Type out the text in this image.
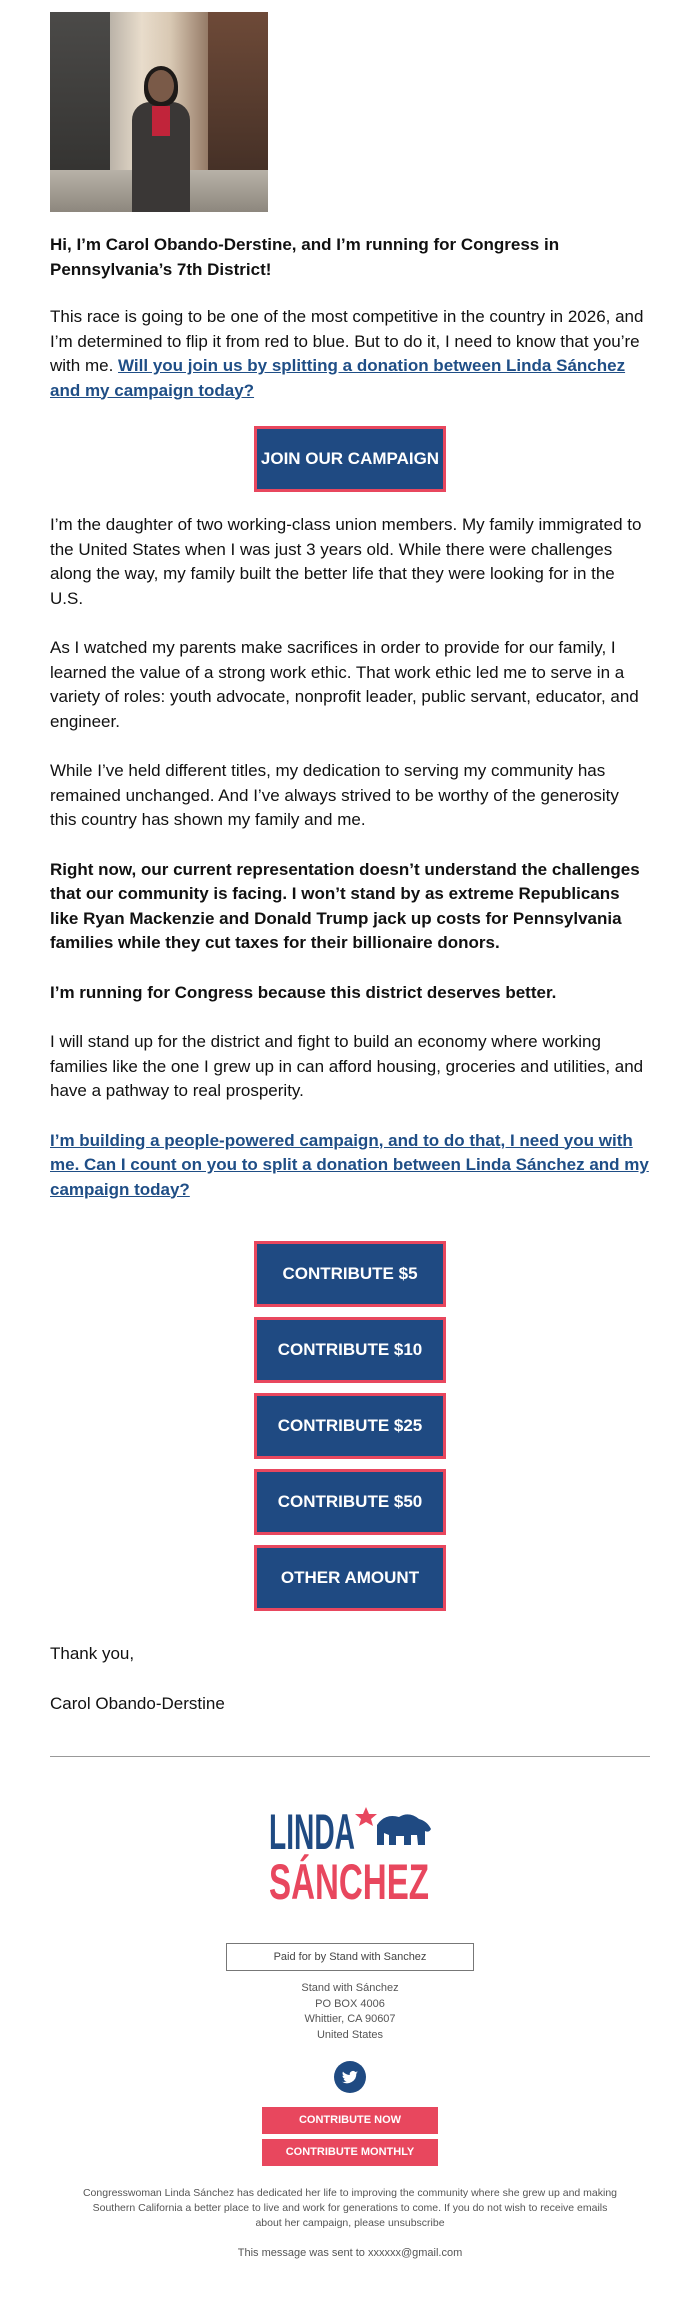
Hi, I’m Carol Obando-Derstine, and I’m running for Congress in Pennsylvania’s 7th District!

This race is going to be one of the most competitive in the country in 2026, and I’m determined to flip it from red to blue. But to do it, I need to know that you’re with me. Will you join us by splitting a donation between Linda Sánchez and my campaign today?

JOIN OUR CAMPAIGN

I’m the daughter of two working-class union members. My family immigrated to the United States when I was just 3 years old. While there were challenges along the way, my family built the better life that they were looking for in the U.S.

As I watched my parents make sacrifices in order to provide for our family, I learned the value of a strong work ethic. That work ethic led me to serve in a variety of roles: youth advocate, nonprofit leader, public servant, educator, and engineer.

While I’ve held different titles, my dedication to serving my community has remained unchanged. And I’ve always strived to be worthy of the generosity this country has shown my family and me.

Right now, our current representation doesn’t understand the challenges that our community is facing. I won’t stand by as extreme Republicans like Ryan Mackenzie and Donald Trump jack up costs for Pennsylvania families while they cut taxes for their billionaire donors.

I’m running for Congress because this district deserves better.

I will stand up for the district and fight to build an economy where working families like the one I grew up in can afford housing, groceries and utilities, and have a pathway to real prosperity.

I’m building a people-powered campaign, and to do that, I need you with me. Can I count on you to split a donation between Linda Sánchez and my campaign today?

CONTRIBUTE $5
CONTRIBUTE $10
CONTRIBUTE $25
CONTRIBUTE $50
OTHER AMOUNT

Thank you,

Carol Obando-Derstine

LINDA
SÁNCHEZ
Paid for by Stand with Sanchez
Stand with Sánchez
PO BOX 4006
Whittier, CA 90607
United States
CONTRIBUTE NOW
CONTRIBUTE MONTHLY
Congresswoman Linda Sánchez has dedicated her life to improving the community where she grew up and making Southern California a better place to live and work for generations to come. If you do not wish to receive emails about her campaign, please unsubscribe
This message was sent to xxxxxx@gmail.com
